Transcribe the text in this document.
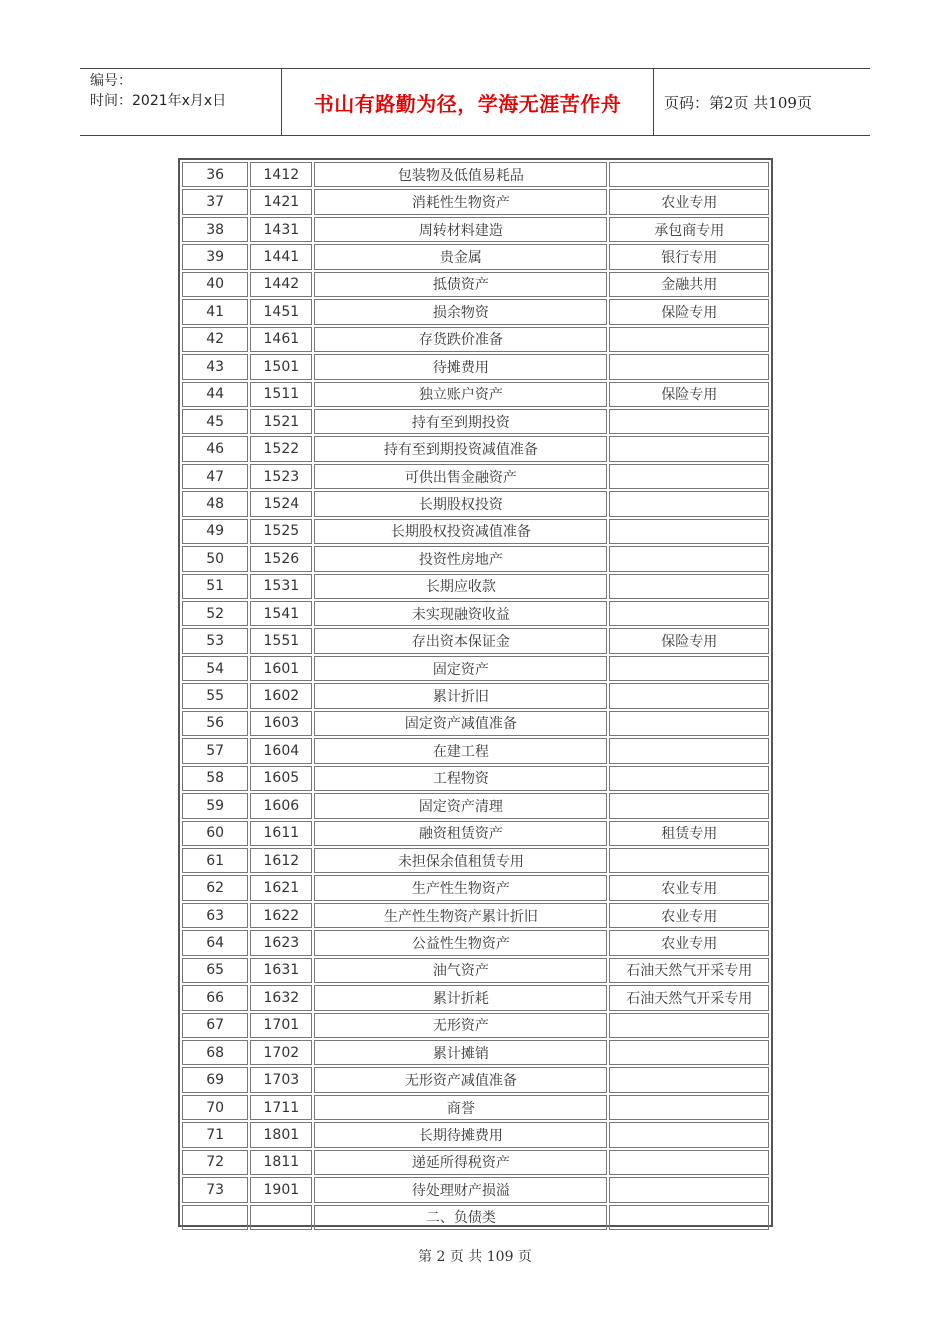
编号：
时间：2021年x月x日	书山有路勤为径，学海无涯苦作舟	页码：第2页 共109页
36	1412	包装物及低值易耗品	
37	1421	消耗性生物资产	农业专用
38	1431	周转材料建造	承包商专用
39	1441	贵金属	银行专用
40	1442	抵债资产	金融共用
41	1451	损余物资	保险专用
42	1461	存货跌价准备	
43	1501	待摊费用	
44	1511	独立账户资产	保险专用
45	1521	持有至到期投资	
46	1522	持有至到期投资减值准备	
47	1523	可供出售金融资产	
48	1524	长期股权投资	
49	1525	长期股权投资减值准备	
50	1526	投资性房地产	
51	1531	长期应收款	
52	1541	未实现融资收益	
53	1551	存出资本保证金	保险专用
54	1601	固定资产	
55	1602	累计折旧	
56	1603	固定资产减值准备	
57	1604	在建工程	
58	1605	工程物资	
59	1606	固定资产清理	
60	1611	融资租赁资产	租赁专用
61	1612	未担保余值租赁专用	
62	1621	生产性生物资产	农业专用
63	1622	生产性生物资产累计折旧	农业专用
64	1623	公益性生物资产	农业专用
65	1631	油气资产	石油天然气开采专用
66	1632	累计折耗	石油天然气开采专用
67	1701	无形资产	
68	1702	累计摊销	
69	1703	无形资产减值准备	
70	1711	商誉	
71	1801	长期待摊费用	
72	1811	递延所得税资产	
73	1901	待处理财产损溢	
		二、负债类	
第 2 页 共 109 页
